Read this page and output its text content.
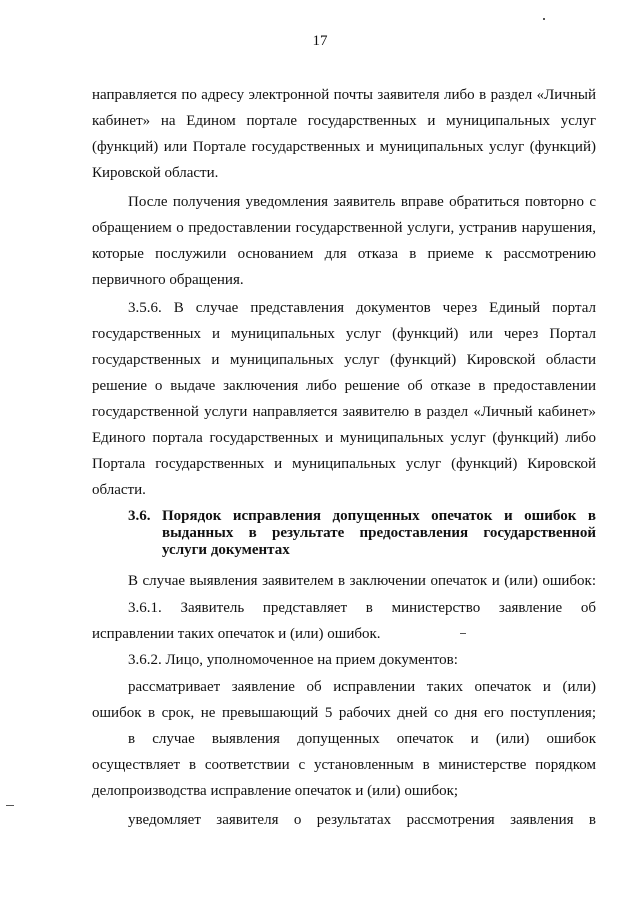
17
направляется по адресу электронной почты заявителя либо в раздел «Личный
кабинет» на Едином портале государственных и муниципальных услуг
(функций) или Портале государственных и муниципальных услуг (функций)
Кировской области.
После получения уведомления заявитель вправе обратиться повторно с
обращением о предоставлении государственной услуги, устранив нарушения,
которые послужили основанием для отказа в приеме к рассмотрению
первичного обращения.
3.5.6. В случае представления документов через Единый портал
государственных и муниципальных услуг (функций) или через Портал
государственных и муниципальных услуг (функций) Кировской области
решение о выдаче заключения либо решение об отказе в предоставлении
государственной услуги направляется заявителю в раздел «Личный кабинет»
Единого портала государственных и муниципальных услуг (функций) либо
Портала государственных и муниципальных услуг (функций) Кировской
области.
3.6. Порядок исправления допущенных опечаток и ошибок в
выданных в результате предоставления государственной
услуги документах
В случае выявления заявителем в заключении опечаток и (или) ошибок:
3.6.1. Заявитель представляет в министерство заявление об
исправлении таких опечаток и (или) ошибок.
3.6.2. Лицо, уполномоченное на прием документов:
рассматривает заявление об исправлении таких опечаток и (или)
ошибок в срок, не превышающий 5 рабочих дней со дня его поступления;
в случае выявления допущенных опечаток и (или) ошибок
осуществляет в соответствии с установленным в министерстве порядком
делопроизводства исправление опечаток и (или) ошибок;
уведомляет заявителя о результатах рассмотрения заявления в
